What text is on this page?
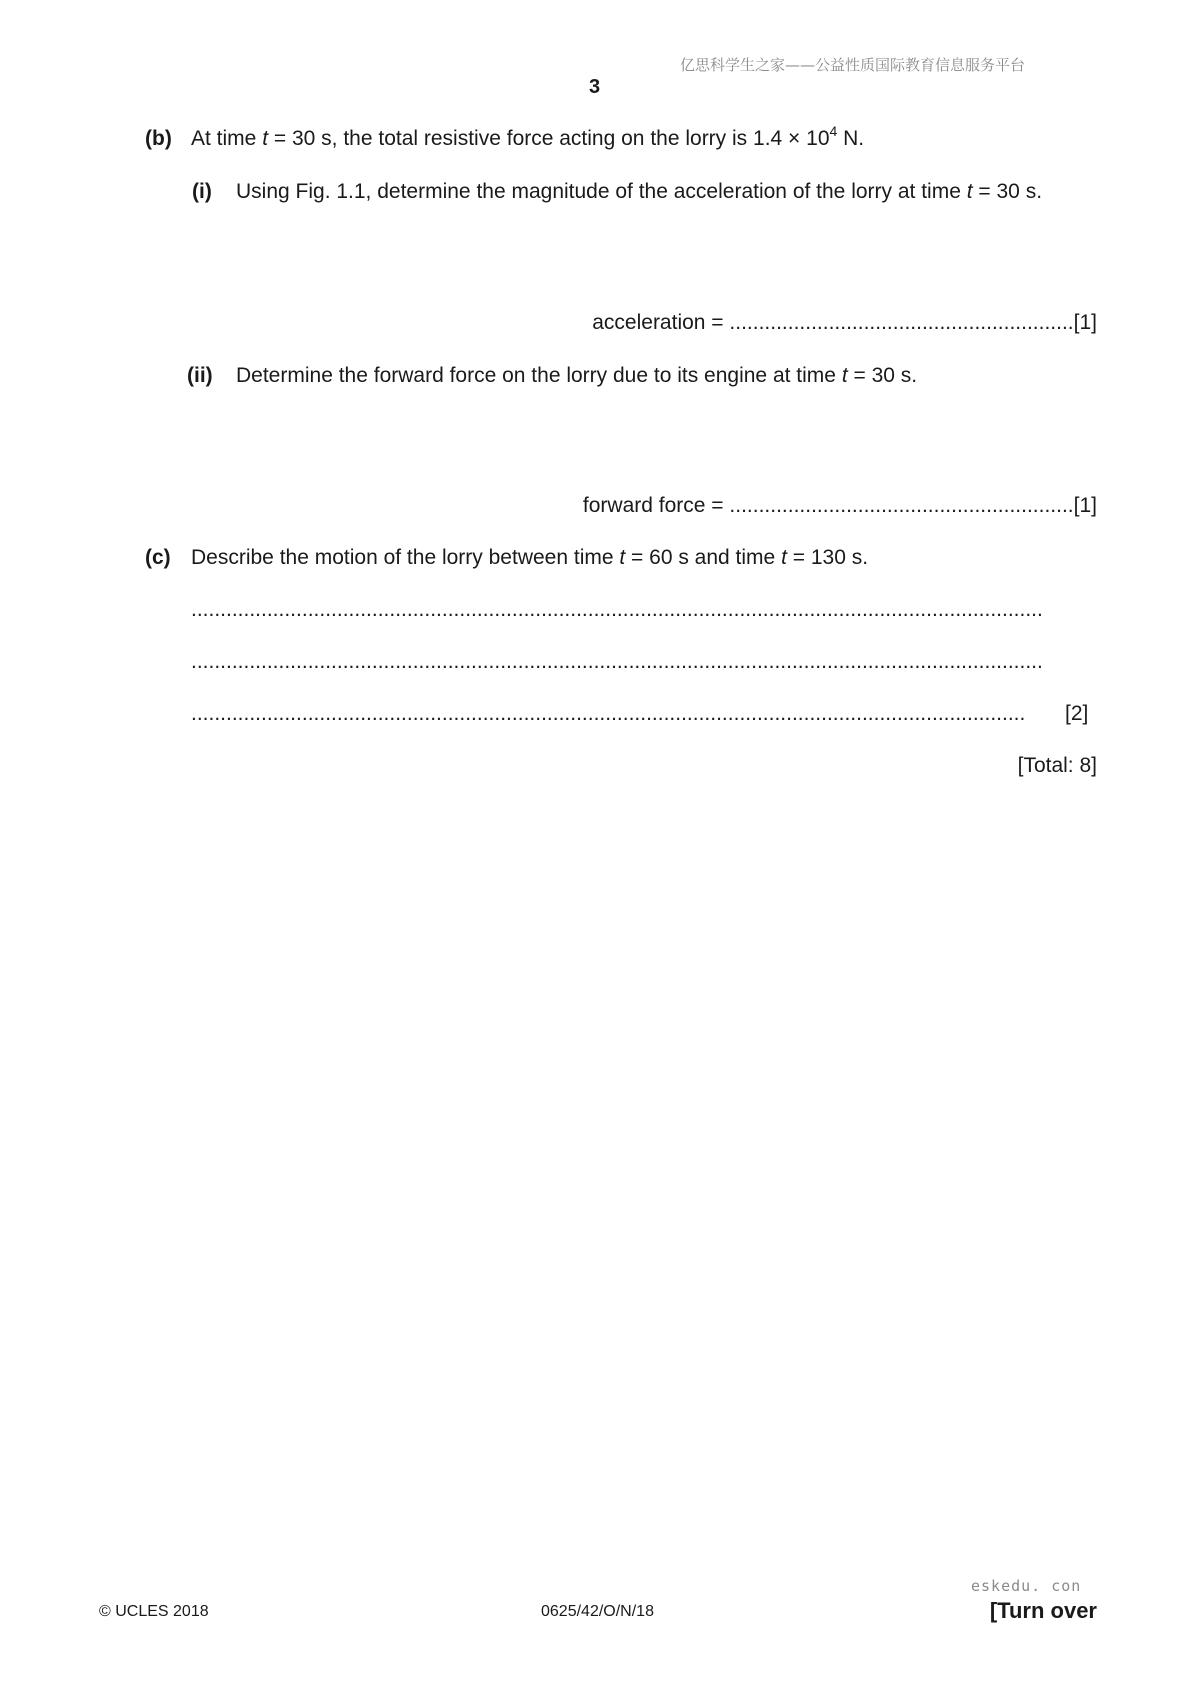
亿思科学生之家——公益性质国际教育信息服务平台
3
(b) At time t = 30 s, the total resistive force acting on the lorry is $1.4 \times 10^4$ N.
(i) Using Fig. 1.1, determine the magnitude of the acceleration of the lorry at time t = 30 s.
acceleration = ...........................................................[1]
(ii) Determine the forward force on the lorry due to its engine at time t = 30 s.
forward force = ...........................................................[1]
(c) Describe the motion of the lorry between time t = 60 s and time t = 130 s.
..................................................................................................................................................
..................................................................................................................................................
............................................................................................................................................... [2]
[Total: 8]
eskedu. con
© UCLES 2018	0625/42/O/N/18	[Turn over
